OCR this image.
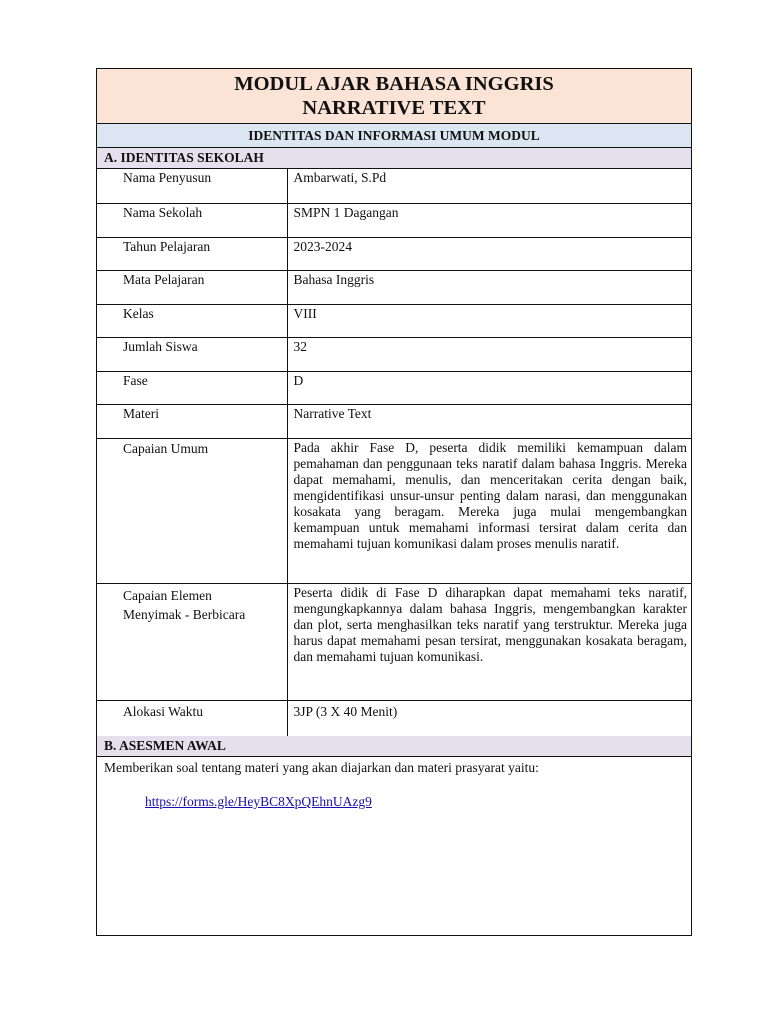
MODUL AJAR BAHASA INGGRIS
NARRATIVE TEXT
IDENTITAS DAN INFORMASI UMUM MODUL
A. IDENTITAS SEKOLAH
Nama Penyusun	Ambarwati, S.Pd

Nama Sekolah	SMPN 1 Dagangan

Tahun Pelajaran	2023-2024

Mata Pelajaran	Bahasa Inggris

Kelas	VIII

Jumlah Siswa	32

Fase	D

Materi	Narrative Text

Capaian Umum	Pada akhir Fase D, peserta didik memiliki kemampuan dalam pemahaman dan penggunaan teks naratif dalam bahasa Inggris. Mereka dapat memahami, menulis, dan menceritakan cerita dengan baik, mengidentifikasi unsur-unsur penting dalam narasi, dan menggunakan kosakata yang beragam. Mereka juga mulai mengembangkan kemampuan untuk memahami informasi tersirat dalam cerita dan memahami tujuan komunikasi dalam proses menulis naratif.

Capaian Elemen
Menyimak - Berbicara	Peserta didik di Fase D diharapkan dapat memahami teks naratif, mengungkapkannya dalam bahasa Inggris, mengembangkan karakter dan plot, serta menghasilkan teks naratif yang terstruktur. Mereka juga harus dapat memahami pesan tersirat, menggunakan kosakata beragam, dan memahami tujuan komunikasi.

Alokasi Waktu	3JP (3 X 40 Menit)
B. ASESMEN AWAL
Memberikan soal tentang materi yang akan diajarkan dan materi prasyarat yaitu:
https://forms.gle/HeyBC8XpQEhnUAzg9
